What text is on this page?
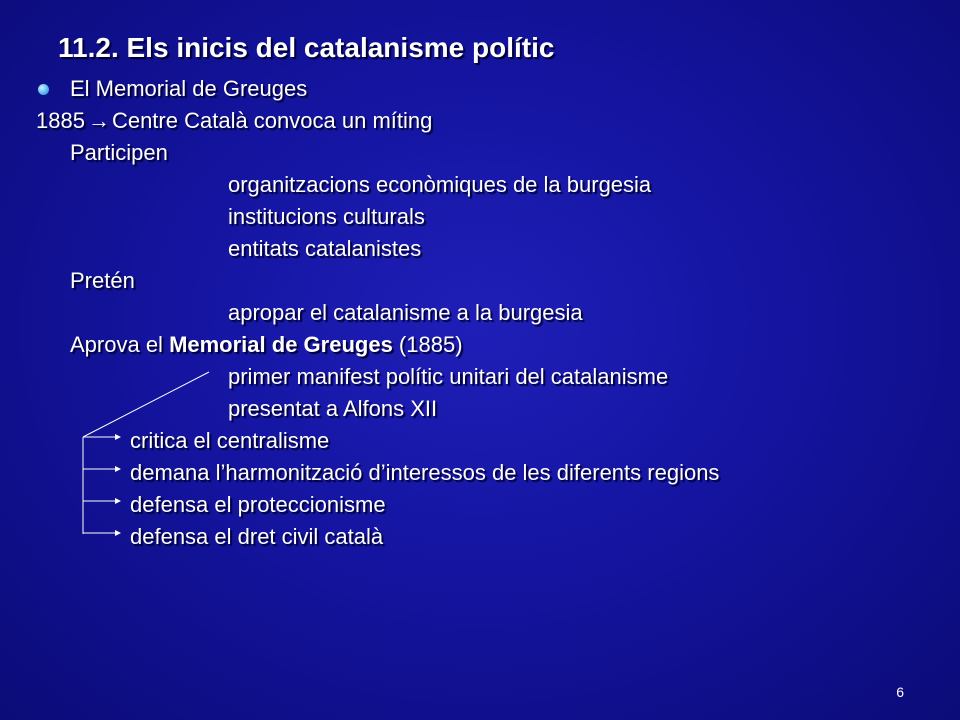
11.2. Els inicis del catalanisme polític
El Memorial de Greuges
1885 →Centre Català convoca un míting
Participen
organitzacions econòmiques de la burgesia
institucions culturals
entitats catalanistes
Pretén
apropar el catalanisme a la burgesia
Aprova el Memorial de Greuges (1885)
primer manifest polític unitari del catalanisme
presentat a Alfons XII
critica el centralisme
demana l’harmonització d’interessos de les diferents regions
defensa el proteccionisme
defensa el dret civil català
6
